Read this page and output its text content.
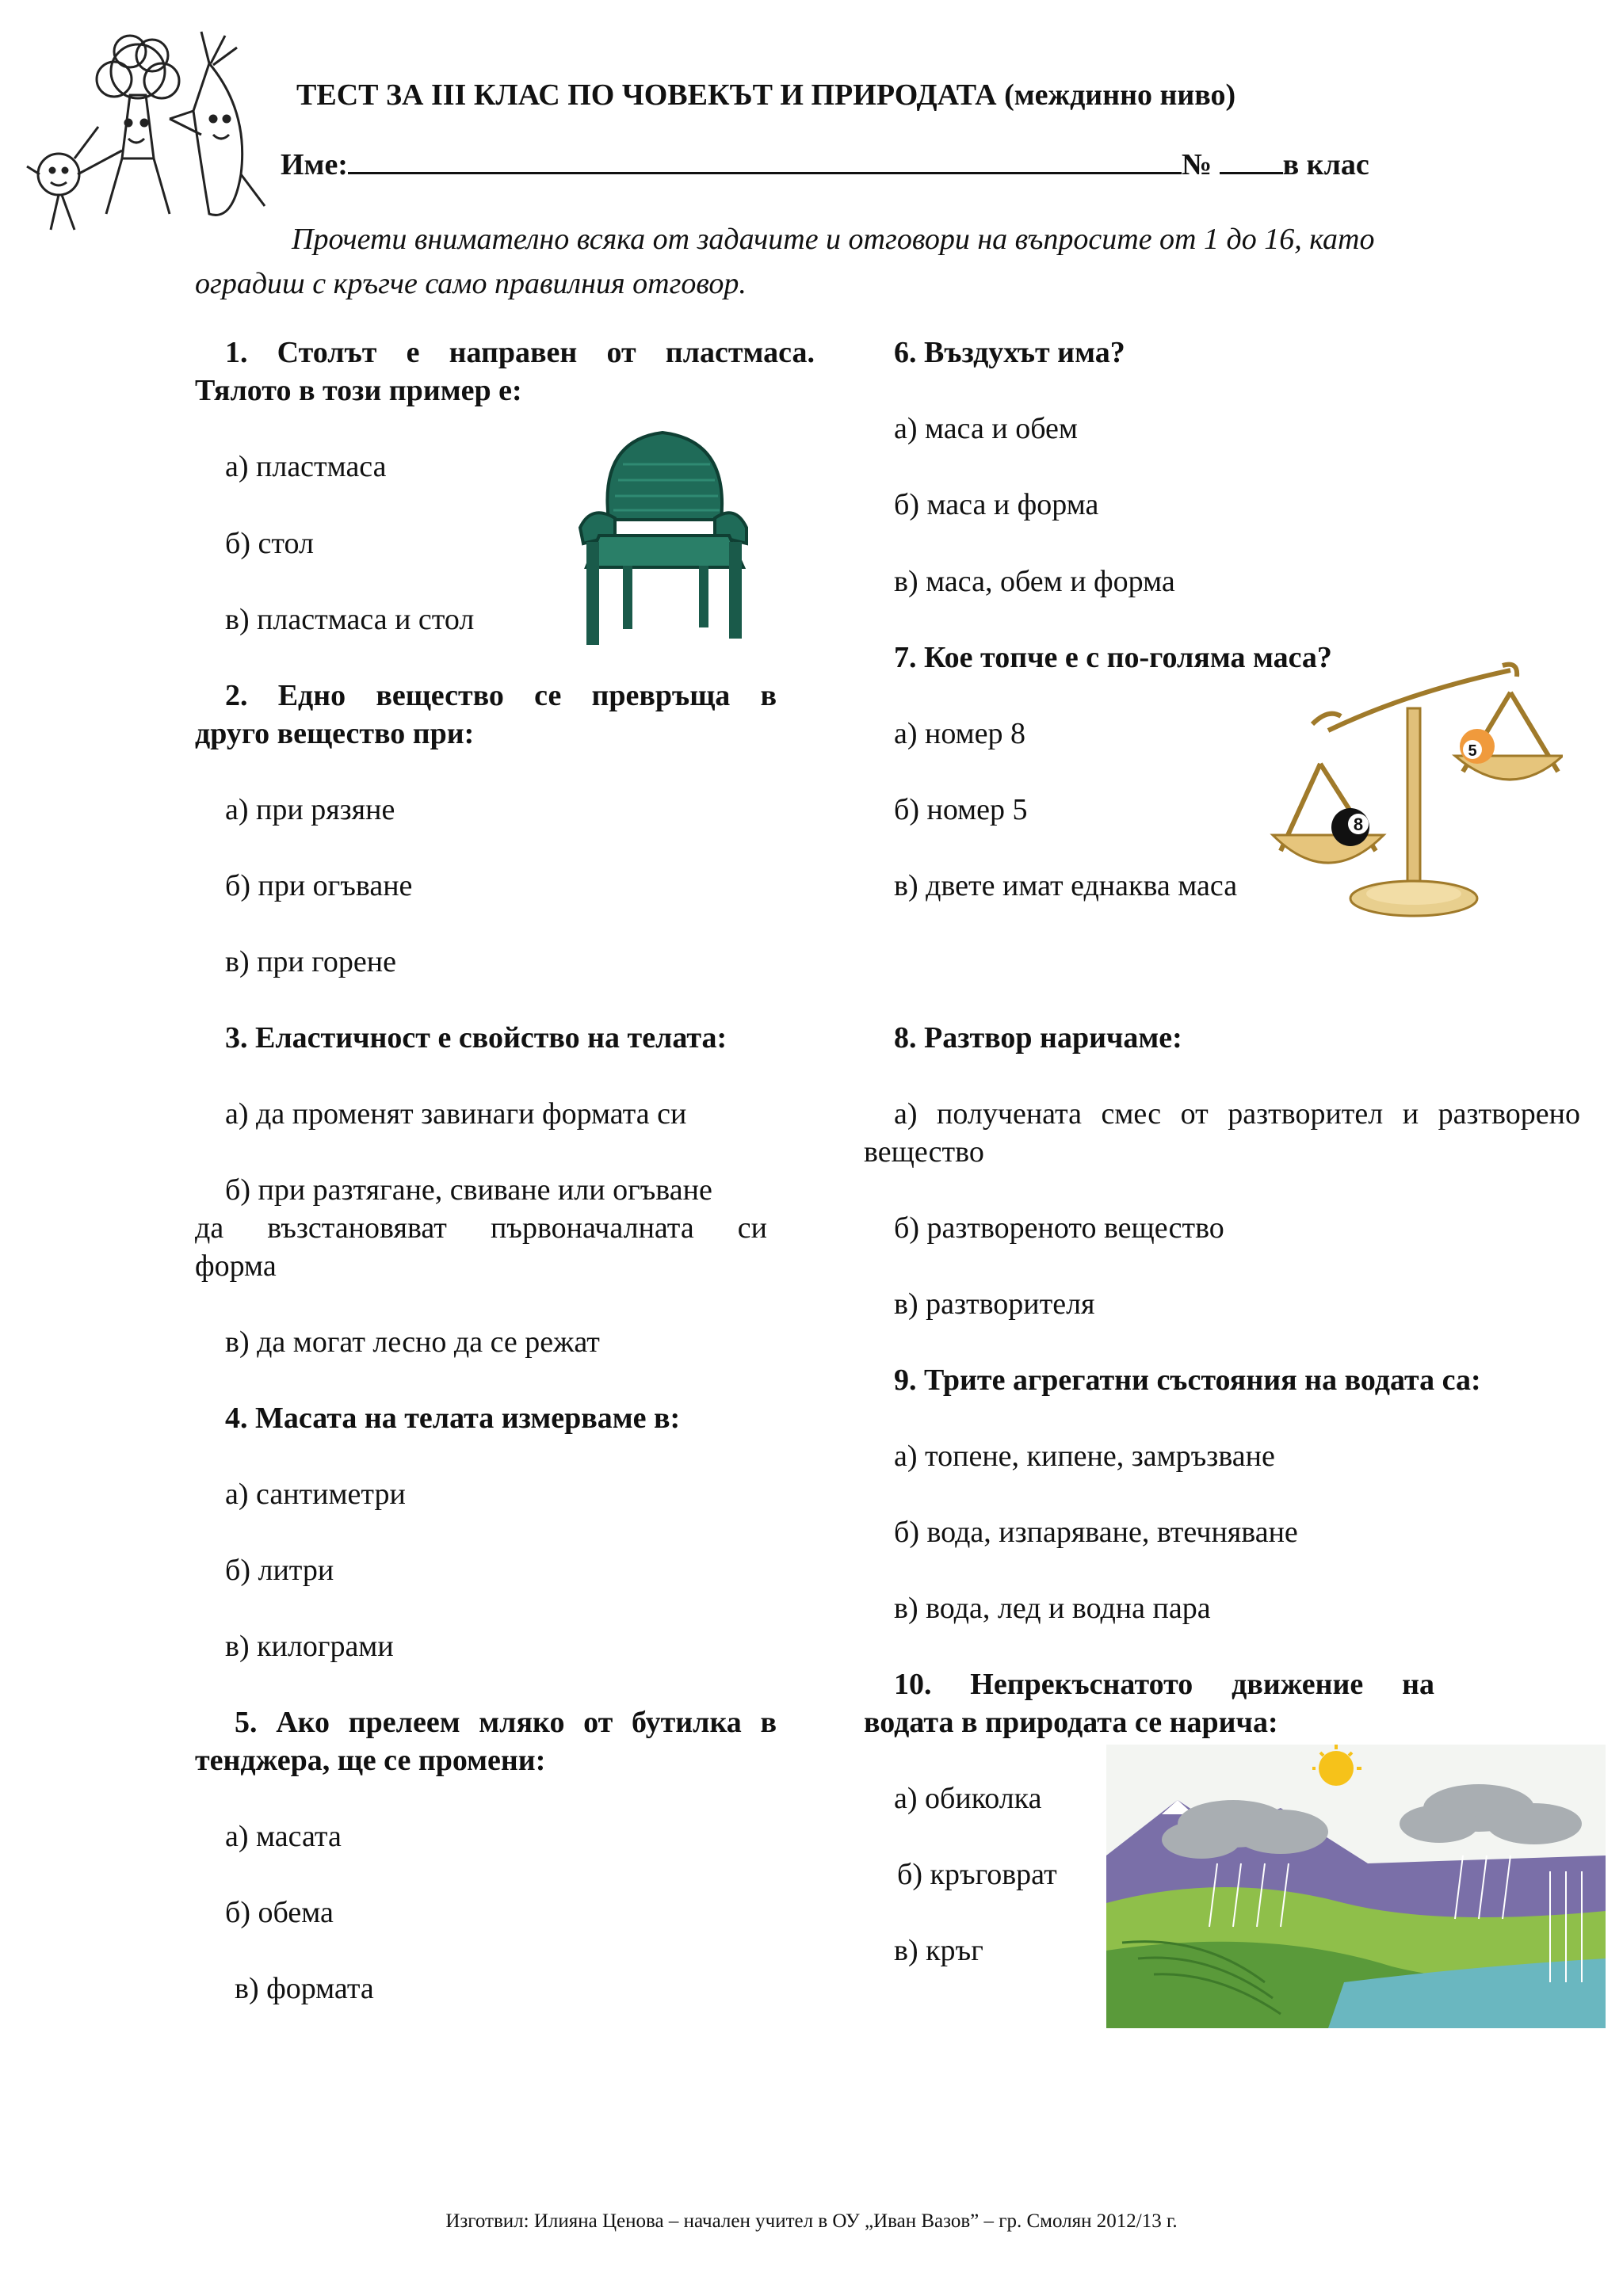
ТЕСТ ЗА III КЛАС ПО ЧОВЕКЪТ И ПРИРОДАТА (междинно ниво)
Име:	№ в клас
Прочети внимателно всяка от задачите и отговори на въпросите от 1 до 16, като оградиш с кръгче само правилния отговор.
1. Столът е направен от пластмаса.
Тялото в този пример е:
а) пластмаса
б) стол
в) пластмаса и стол
2. Едно вещество се превръща в
друго вещество при:
а) при рязяне
б) при огъване
в) при горене
3. Еластичност е свойство на телата:
а) да променят завинаги формата си
б) при разтягане, свиване или огъване
да възстановяват първоначалната си
форма
в) да могат лесно да се режат
4. Масата на телата измерваме в:
а) сантиметри
б) литри
в) килограми
5. Ако прелеем мляко от бутилка в
тенджера, ще се промени:
а) масата
б) обема
в) формата
6. Въздухът има?
а) маса и обем
б) маса и форма
в) маса, обем и форма
7. Кое топче е с по-голяма маса?
а) номер 8
б) номер 5
в) двете имат еднаква маса
8
5
8. Разтвор наричаме:
а) получената смес от разтворител и разтворено
вещество
б) разтвореното вещество
в) разтворителя
9. Трите агрегатни състояния на водата са:
а) топене, кипене, замръзване
б) вода, изпаряване, втечняване
в) вода, лед и водна пара
10. Непрекъснатото движение на
водата в природата се нарича:
а) обиколка
б) кръговрат
в) кръг
Изготвил: Илияна Ценова – начален учител в ОУ „Иван Вазов” – гр. Смолян 2012/13 г.
